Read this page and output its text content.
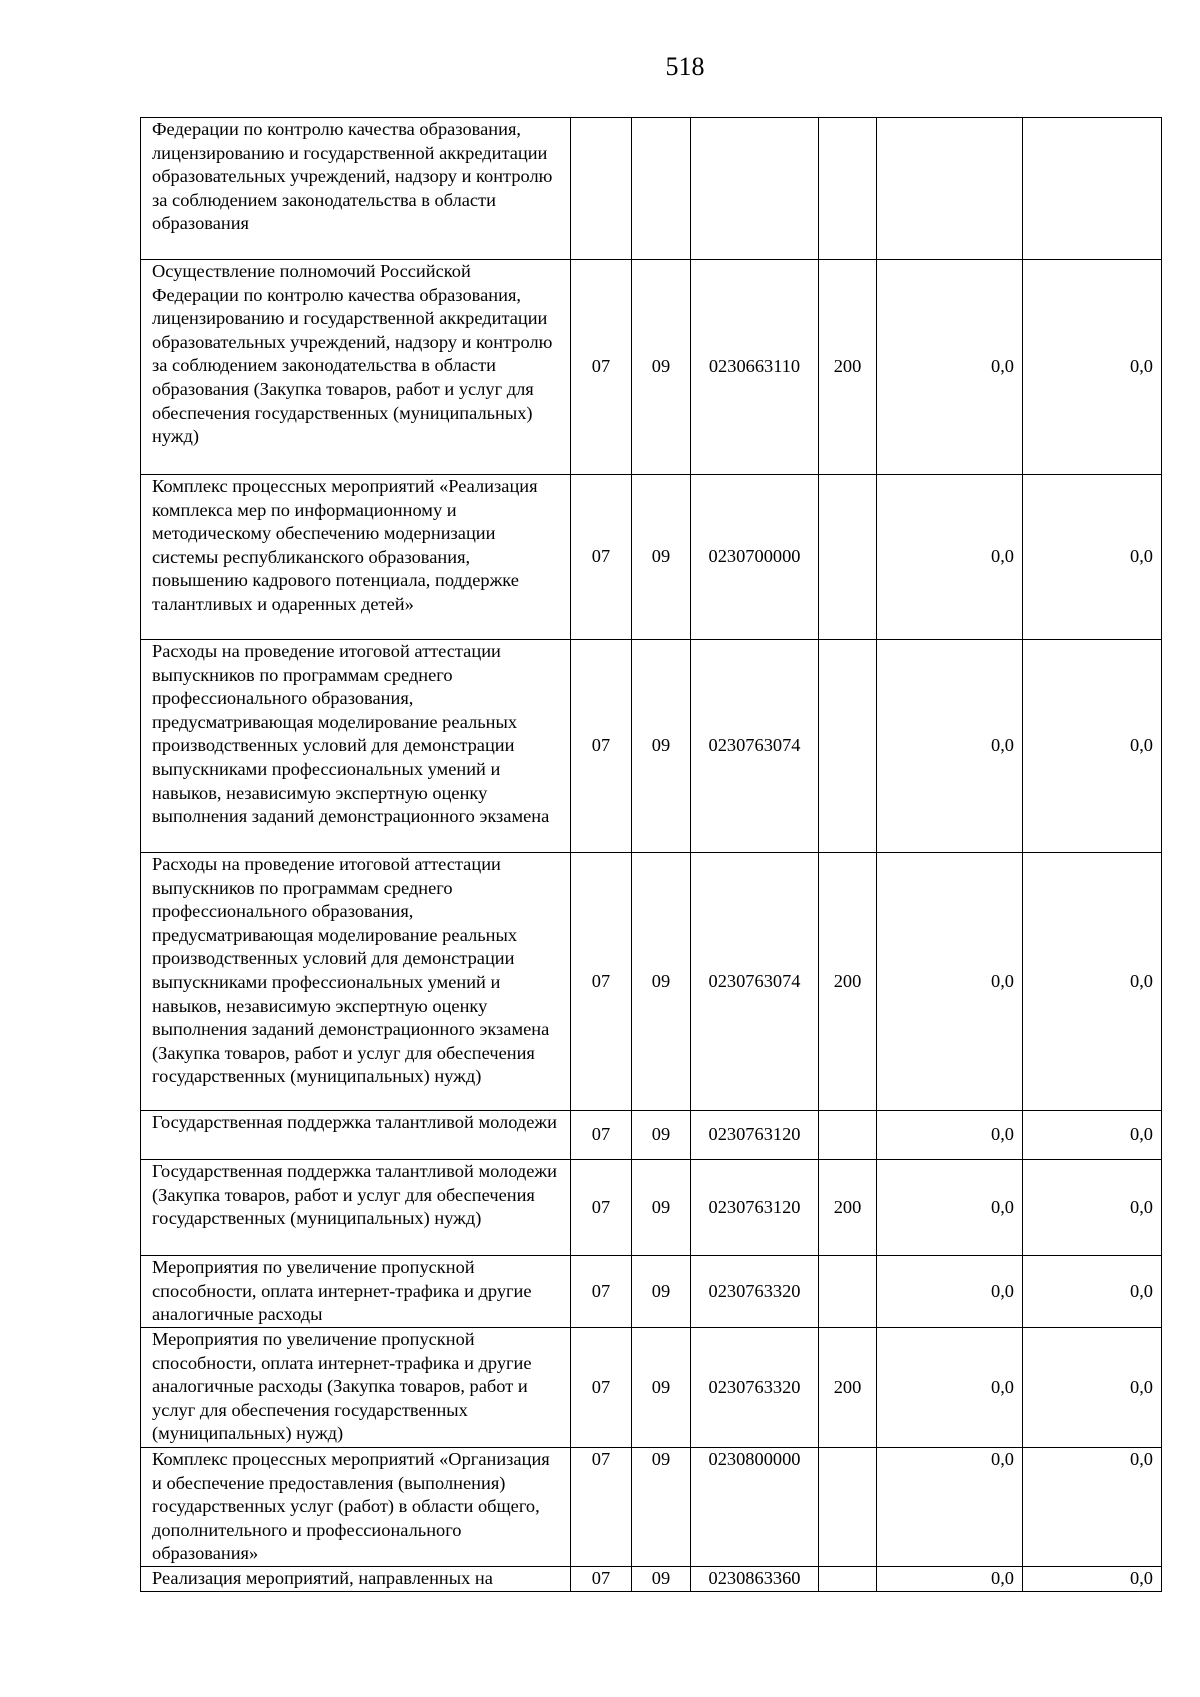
518
Федерации по контролю качества образования, лицензированию и государственной аккредитации образовательных учреждений, надзору и контролю за соблюдением законодательства в области образования						
Осуществление полномочий Российской Федерации по контролю качества образования, лицензированию и государственной аккредитации образовательных учреждений, надзору и контролю за соблюдением законодательства в области образования (Закупка товаров, работ и услуг для обеспечения государственных (муниципальных) нужд)	07	09	0230663110	200	0,0	0,0
Комплекс процессных мероприятий «Реализация комплекса мер по информационному и методическому обеспечению модернизации системы республиканского образования, повышению кадрового потенциала, поддержке талантливых и одаренных детей»	07	09	0230700000		0,0	0,0
Расходы на проведение итоговой аттестации выпускников по программам среднего профессионального образования, предусматривающая моделирование реальных производственных условий для демонстрации выпускниками профессиональных умений и навыков, независимую экспертную оценку выполнения заданий демонстрационного экзамена	07	09	0230763074		0,0	0,0
Расходы на проведение итоговой аттестации выпускников по программам среднего профессионального образования, предусматривающая моделирование реальных производственных условий для демонстрации выпускниками профессиональных умений и навыков, независимую экспертную оценку выполнения заданий демонстрационного экзамена (Закупка товаров, работ и услуг для обеспечения государственных (муниципальных) нужд)	07	09	0230763074	200	0,0	0,0
Государственная поддержка талантливой молодежи	07	09	0230763120		0,0	0,0
Государственная поддержка талантливой молодежи (Закупка товаров, работ и услуг для обеспечения государственных (муниципальных) нужд)	07	09	0230763120	200	0,0	0,0
Мероприятия по увеличение пропускной способности, оплата интернет-трафика и другие аналогичные расходы	07	09	0230763320		0,0	0,0
Мероприятия по увеличение пропускной способности, оплата интернет-трафика и другие аналогичные расходы (Закупка товаров, работ и услуг для обеспечения государственных (муниципальных) нужд)	07	09	0230763320	200	0,0	0,0
Комплекс процессных мероприятий «Организация и обеспечение предоставления (выполнения) государственных услуг (работ) в области общего, дополнительного и профессионального образования»	07	09	0230800000		0,0	0,0
Реализация мероприятий, направленных на	07	09	0230863360		0,0	0,0
